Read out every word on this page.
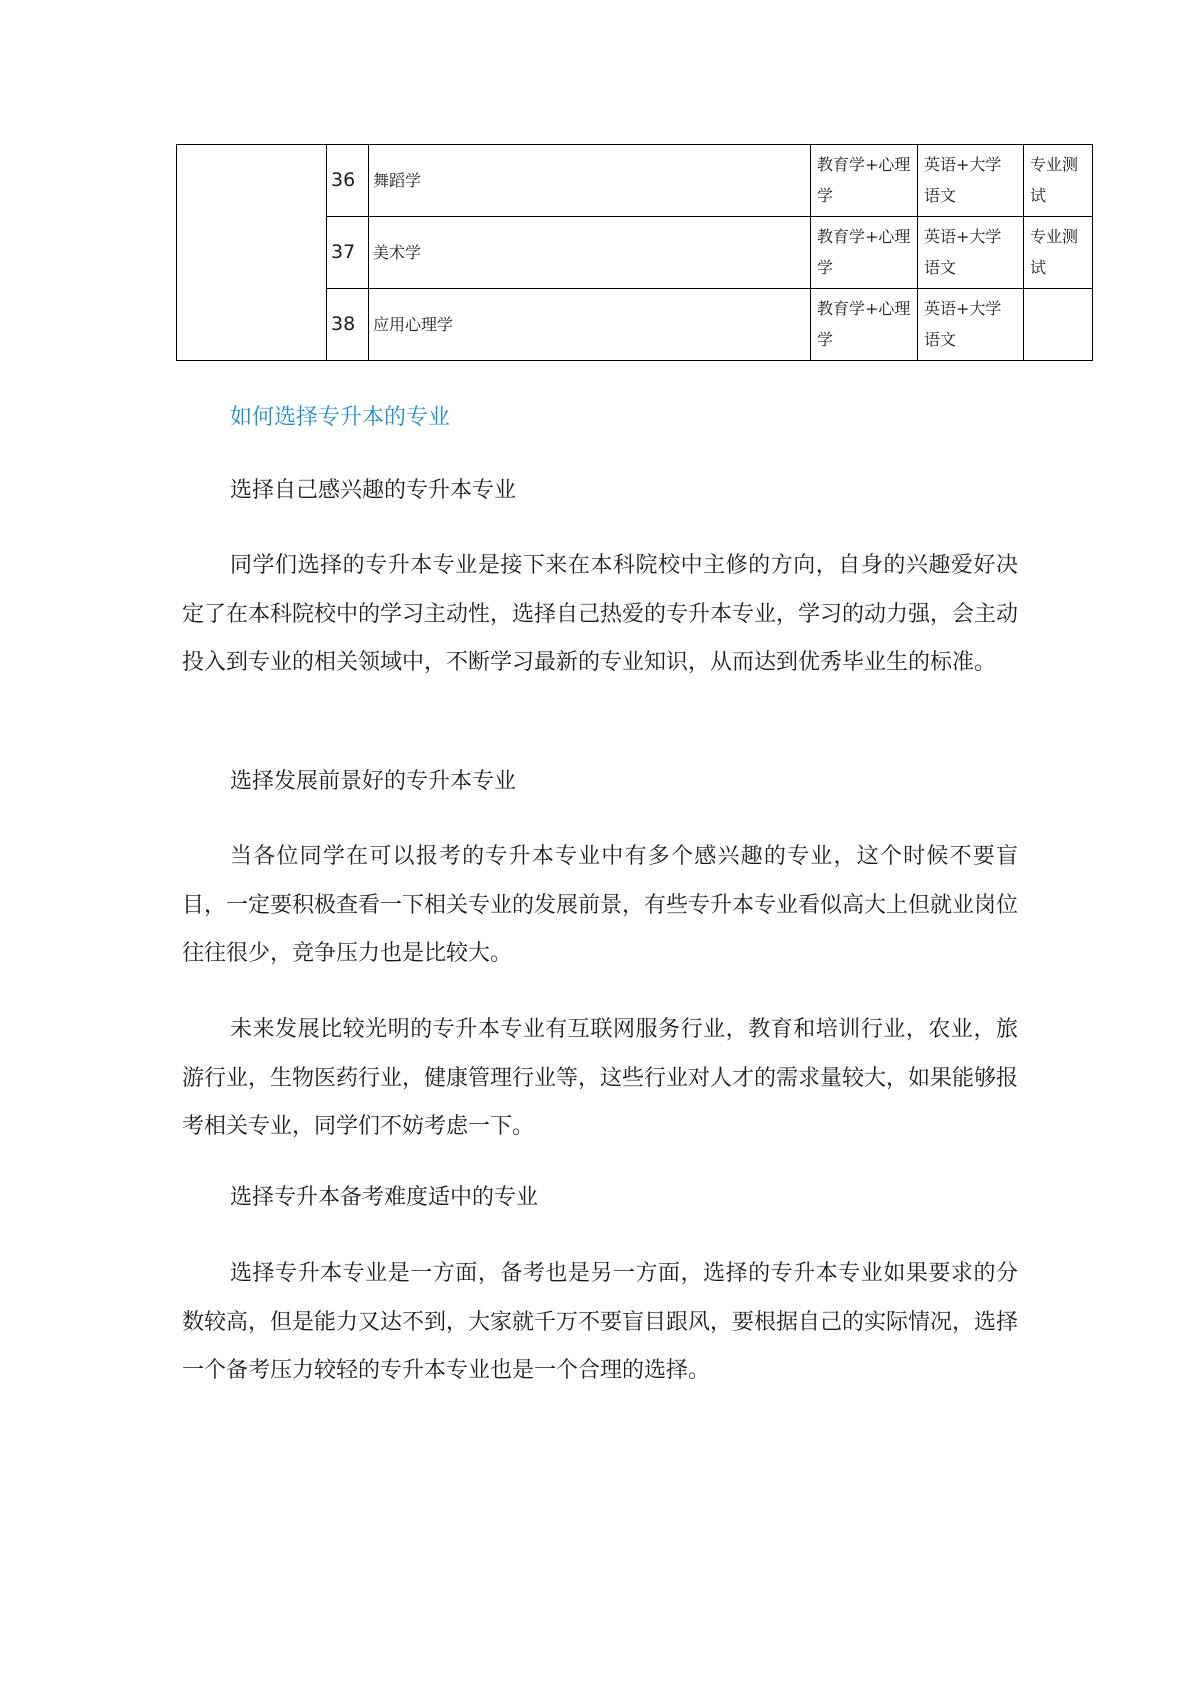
	36	舞蹈学	教育学+心理学	英语+大学语文	专业测试
	37	美术学	教育学+心理学	英语+大学语文	专业测试
	38	应用心理学	教育学+心理学	英语+大学语文	
如何选择专升本的专业
选择自己感兴趣的专升本专业

同学们选择的专升本专业是接下来在本科院校中主修的方向，自身的兴趣爱好决定了在本科院校中的学习主动性，选择自己热爱的专升本专业，学习的动力强，会主动投入到专业的相关领域中，不断学习最新的专业知识，从而达到优秀毕业生的标准。

选择发展前景好的专升本专业

当各位同学在可以报考的专升本专业中有多个感兴趣的专业，这个时候不要盲目，一定要积极查看一下相关专业的发展前景，有些专升本专业看似高大上但就业岗位往往很少，竞争压力也是比较大。

未来发展比较光明的专升本专业有互联网服务行业，教育和培训行业，农业，旅游行业，生物医药行业，健康管理行业等，这些行业对人才的需求量较大，如果能够报考相关专业，同学们不妨考虑一下。

选择专升本备考难度适中的专业

选择专升本专业是一方面，备考也是另一方面，选择的专升本专业如果要求的分数较高，但是能力又达不到，大家就千万不要盲目跟风，要根据自己的实际情况，选择一个备考压力较轻的专升本专业也是一个合理的选择。
